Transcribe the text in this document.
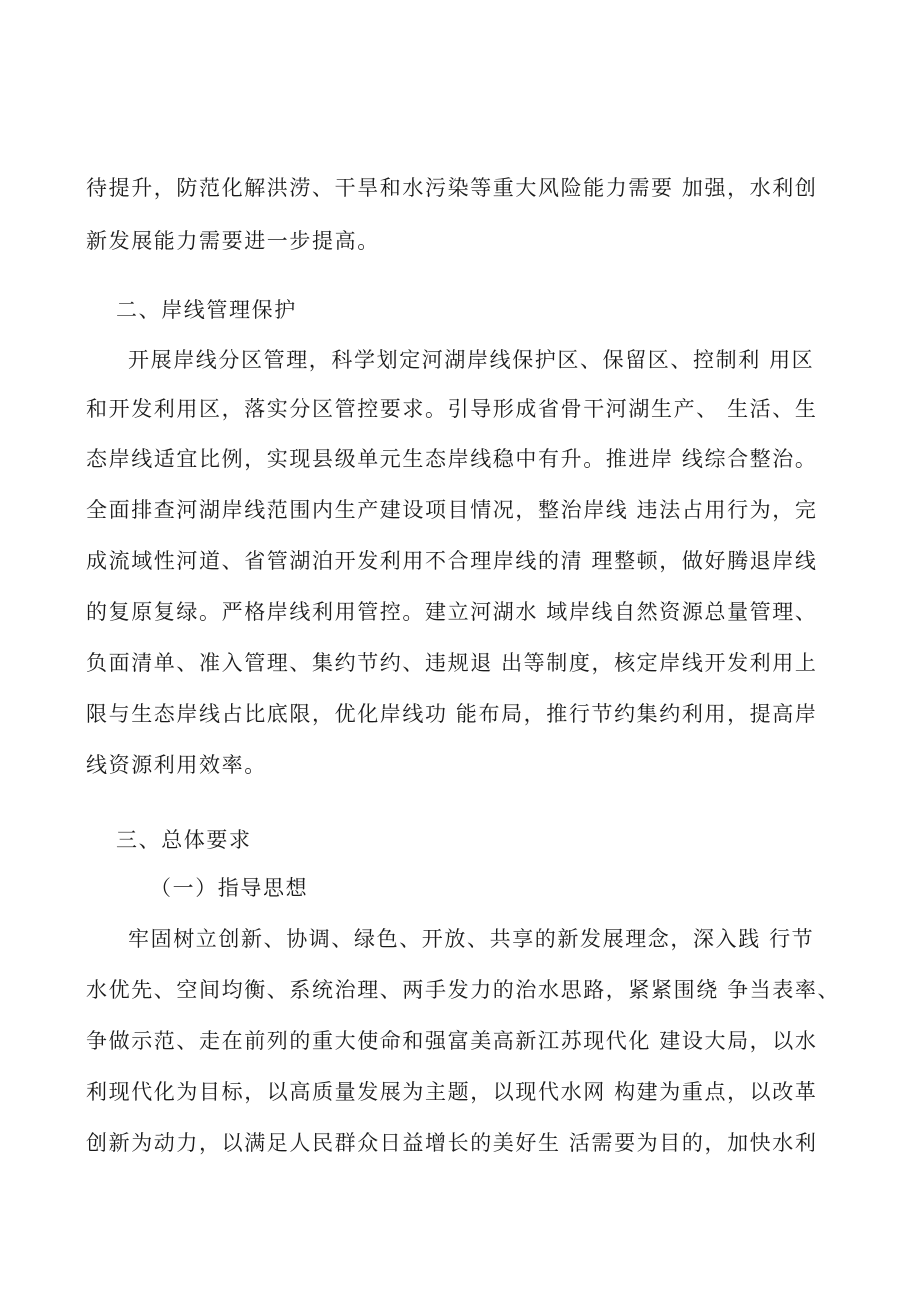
待提升，防范化解洪涝、干旱和水污染等重大风险能力需要 加强，水利创
新发展能力需要进一步提高。
二、岸线管理保护
开展岸线分区管理，科学划定河湖岸线保护区、保留区、控制利 用区
和开发利用区，落实分区管控要求。引导形成省骨干河湖生产、 生活、生
态岸线适宜比例，实现县级单元生态岸线稳中有升。推进岸 线综合整治。
全面排查河湖岸线范围内生产建设项目情况，整治岸线 违法占用行为，完
成流域性河道、省管湖泊开发利用不合理岸线的清 理整顿，做好腾退岸线
的复原复绿。严格岸线利用管控。建立河湖水 域岸线自然资源总量管理、
负面清单、准入管理、集约节约、违规退 出等制度，核定岸线开发利用上
限与生态岸线占比底限，优化岸线功 能布局，推行节约集约利用，提高岸
线资源利用效率。
三、总体要求
（一）指导思想
牢固树立创新、协调、绿色、开放、共享的新发展理念，深入践 行节
水优先、空间均衡、系统治理、两手发力的治水思路，紧紧围绕 争当表率、
争做示范、走在前列的重大使命和强富美高新江苏现代化 建设大局，以水
利现代化为目标，以高质量发展为主题，以现代水网 构建为重点，以改革
创新为动力，以满足人民群众日益增长的美好生 活需要为目的，加快水利
